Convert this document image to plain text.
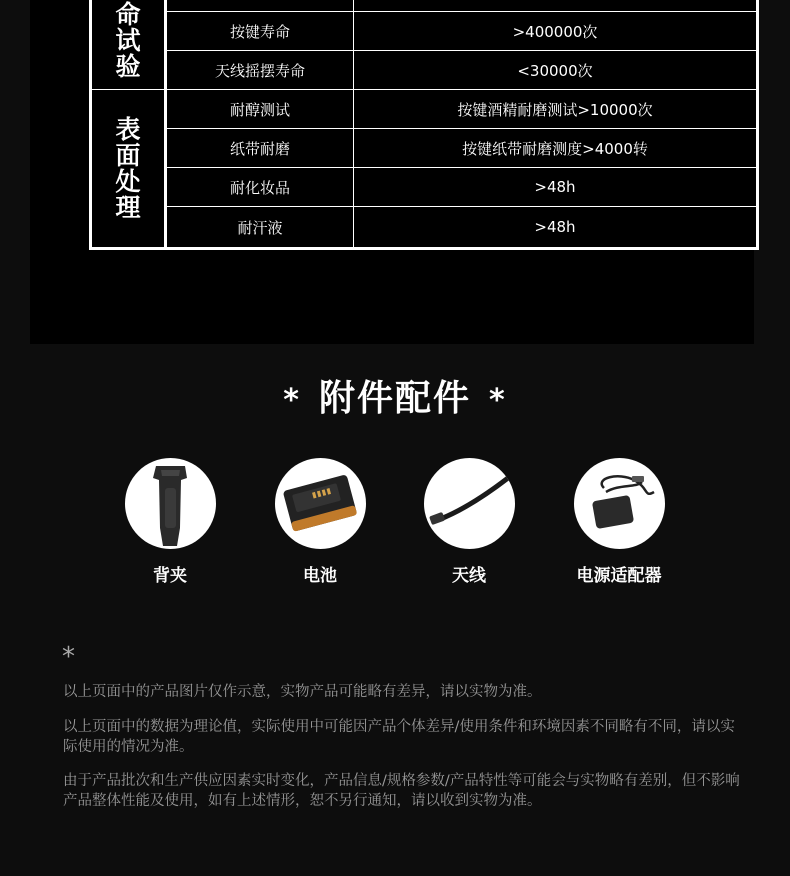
命试验		
	按键寿命	>400000次
	天线摇摆寿命	<30000次
表面处理	耐醇测试	按键酒精耐磨测试>10000次
	纸带耐磨	按键纸带耐磨测度>4000转
	耐化妆品	>48h
	耐汗液	>48h
* 附件配件 *
背夹	电池	天线	电源适配器
*
以上页面中的产品图片仅作示意，实物产品可能略有差异，请以实物为准。
以上页面中的数据为理论值，实际使用中可能因产品个体差异/使用条件和环境因素不同略有不同，请以实际使用的情况为准。
由于产品批次和生产供应因素实时变化，产品信息/规格参数/产品特性等可能会与实物略有差别，但不影响产品整体性能及使用，如有上述情形，恕不另行通知，请以收到实物为准。
